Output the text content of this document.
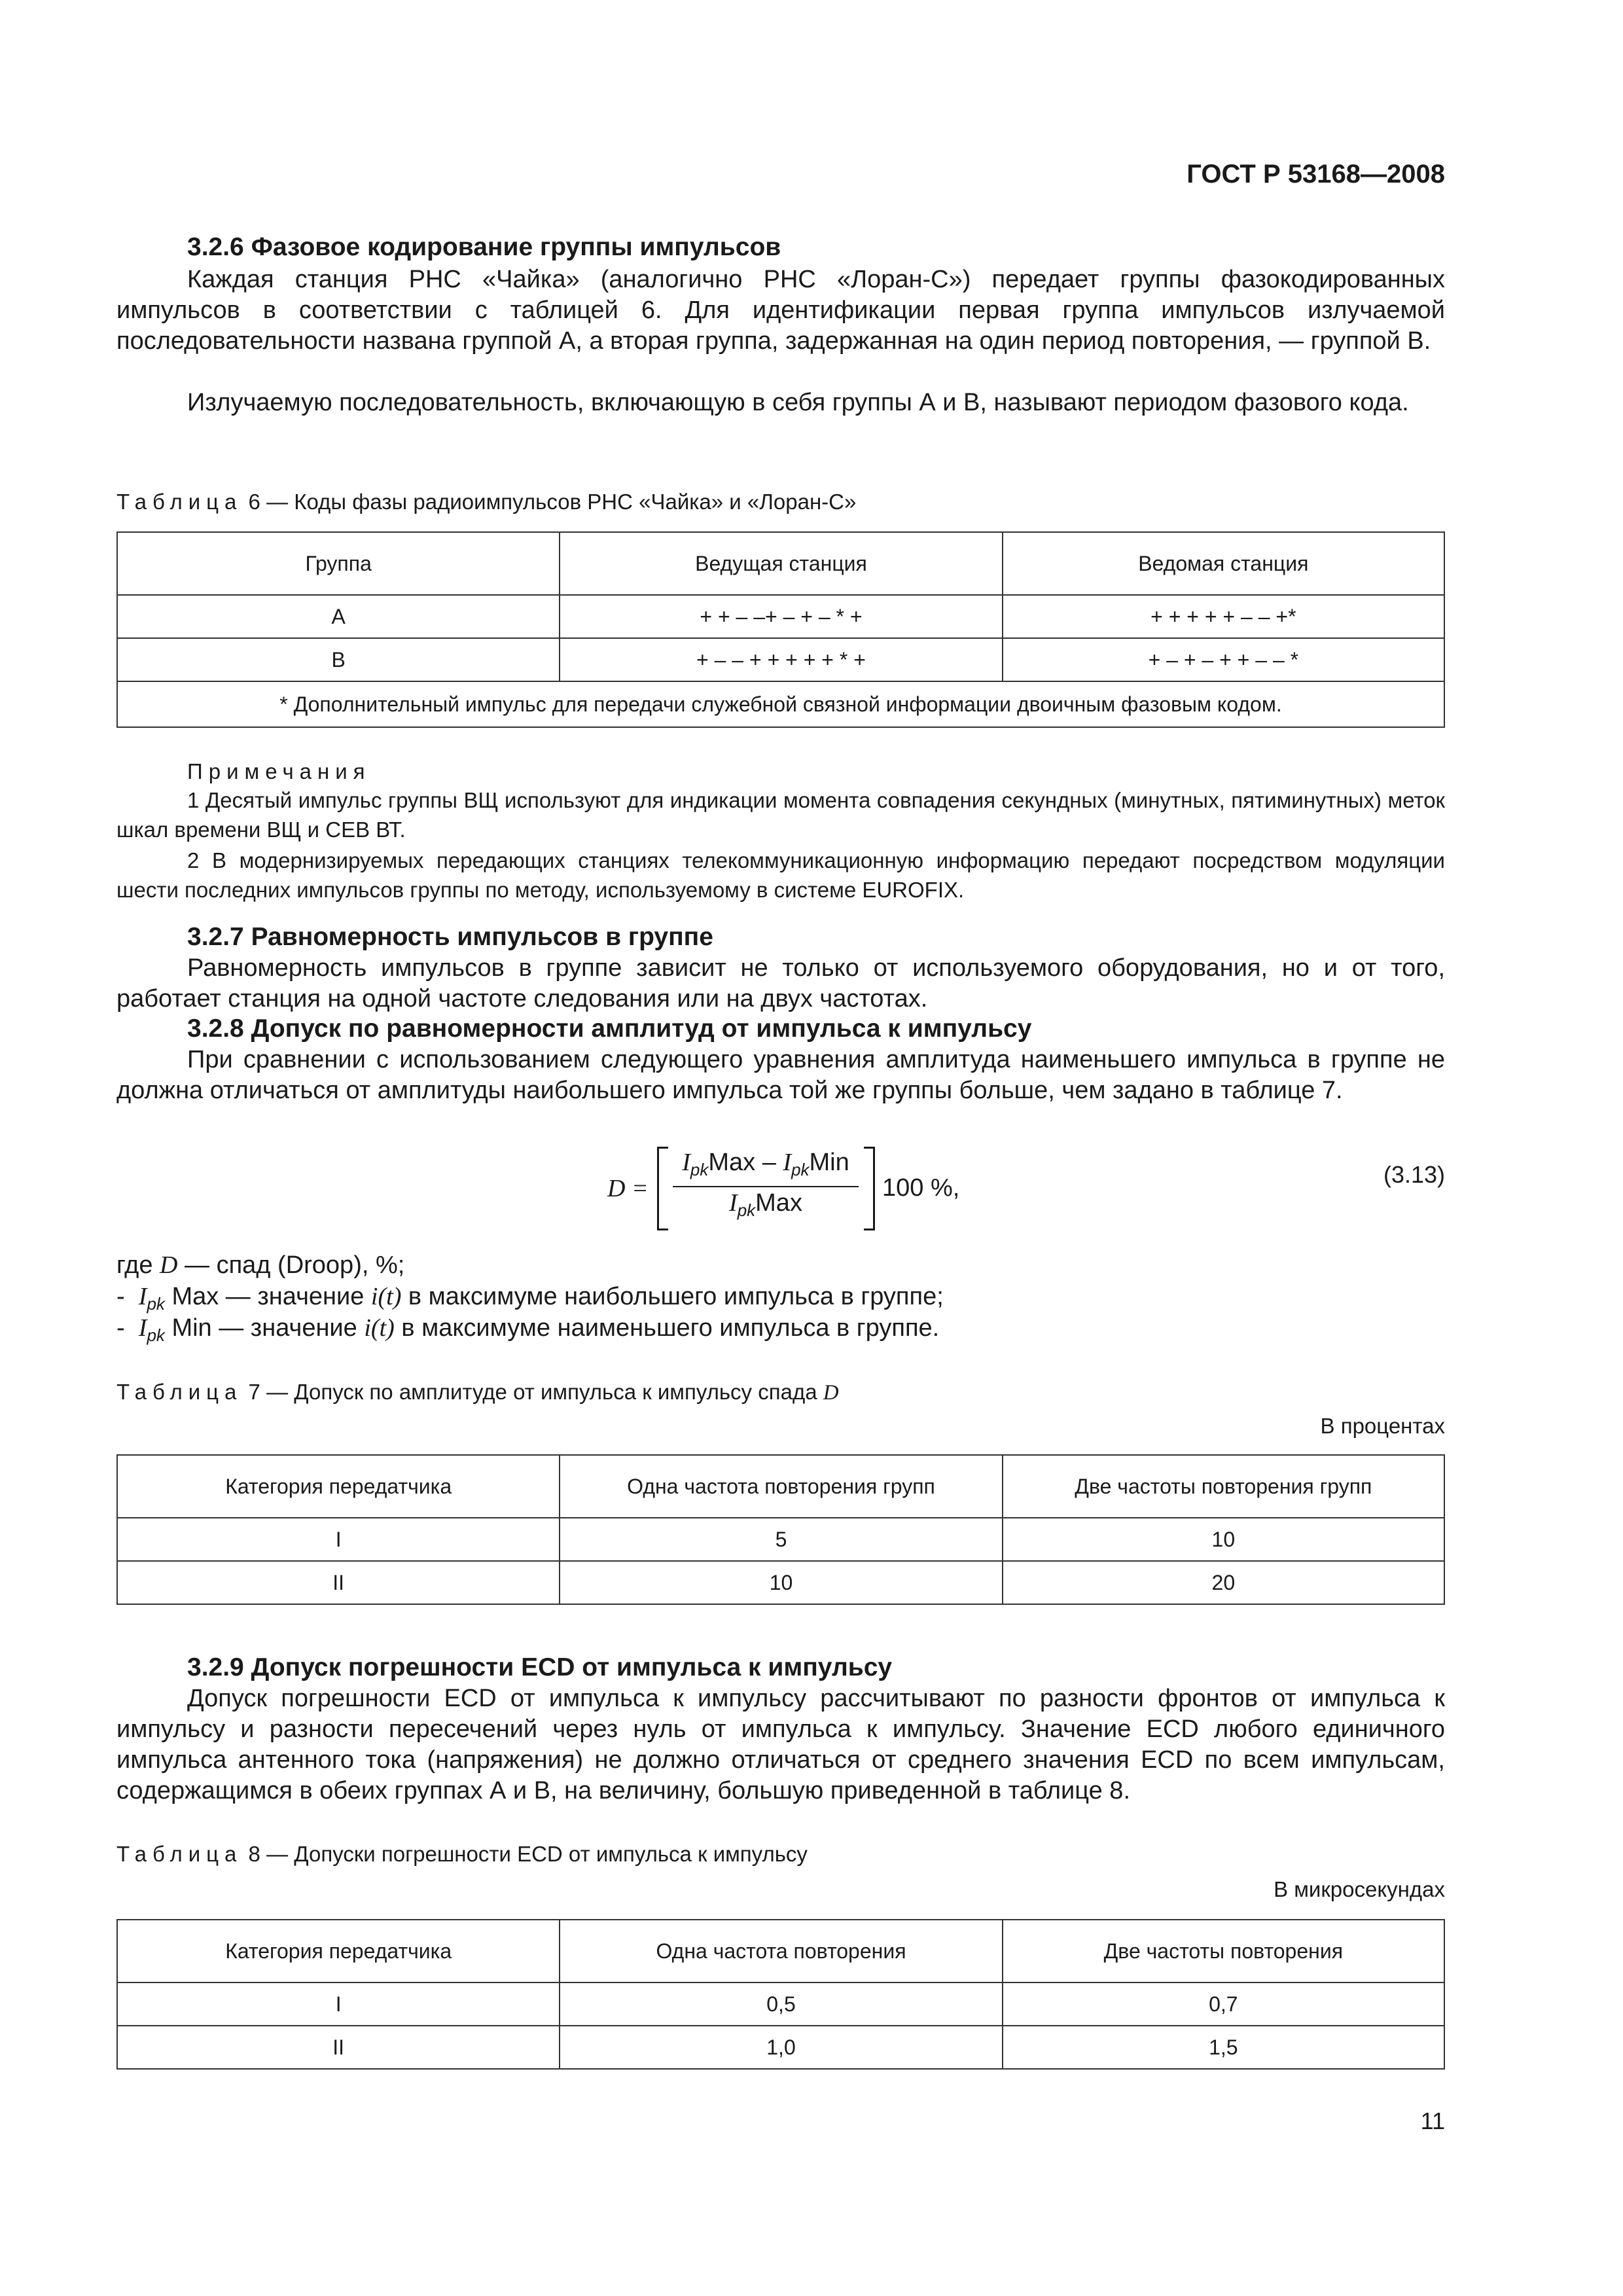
ГОСТ Р 53168—2008
3.2.6 Фазовое кодирование группы импульсов
Каждая станция РНС «Чайка» (аналогично РНС «Лоран-С») передает группы фазокодированных импульсов в соответствии с таблицей 6. Для идентификации первая группа импульсов излучаемой последовательности названа группой А, а вторая группа, задержанная на один период повторения, — группой В.
Излучаемую последовательность, включающую в себя группы А и В, называют периодом фазового кода.
Таблица 6 — Коды фазы радиоимпульсов РНС «Чайка» и «Лоран-С»
Группа	Ведущая станция	Ведомая станция
А	+ + – –+ – + – * +	+ + + + + – – +*
В	+ – – + + + + + * +	+ – + – + + – – *
* Дополнительный импульс для передачи служебной связной информации двоичным фазовым кодом.		
Примечания
1 Десятый импульс группы ВЩ используют для индикации момента совпадения секундных (минутных, пятиминутных) меток шкал времени ВЩ и СЕВ ВТ.
2 В модернизируемых передающих станциях телекоммуникационную информацию передают посредством модуляции шести последних импульсов группы по методу, используемому в системе EUROFIX.
3.2.7 Равномерность импульсов в группе
Равномерность импульсов в группе зависит не только от используемого оборудования, но и от того, работает станция на одной частоте следования или на двух частотах.
3.2.8 Допуск по равномерности амплитуд от импульса к импульсу
При сравнении с использованием следующего уравнения амплитуда наименьшего импульса в группе не должна отличаться от амплитуды наибольшего импульса той же группы больше, чем задано в таблице 7.
D =
$I_{pk}Max - I_{pk}Min$
$I_{pk}Max$
100 %,	(3.13)
где D — спад (Droop), %;
- $I_{pk}$ Max — значение i(t) в максимуме наибольшего импульса в группе;
- $I_{pk}$ Min — значение i(t) в максимуме наименьшего импульса в группе.
Таблица 7 — Допуск по амплитуде от импульса к импульсу спада D
В процентах
Категория передатчика	Одна частота повторения групп	Две частоты повторения групп
I	5	10
II	10	20
3.2.9 Допуск погрешности ECD от импульса к импульсу
Допуск погрешности ECD от импульса к импульсу рассчитывают по разности фронтов от импульса к импульсу и разности пересечений через нуль от импульса к импульсу. Значение ECD любого единичного импульса антенного тока (напряжения) не должно отличаться от среднего значения ECD по всем импульсам, содержащимся в обеих группах А и В, на величину, большую приведенной в таблице 8.
Таблица 8 — Допуски погрешности ECD от импульса к импульсу
В микросекундах
Категория передатчика	Одна частота повторения	Две частоты повторения
I	0,5	0,7
II	1,0	1,5
11
